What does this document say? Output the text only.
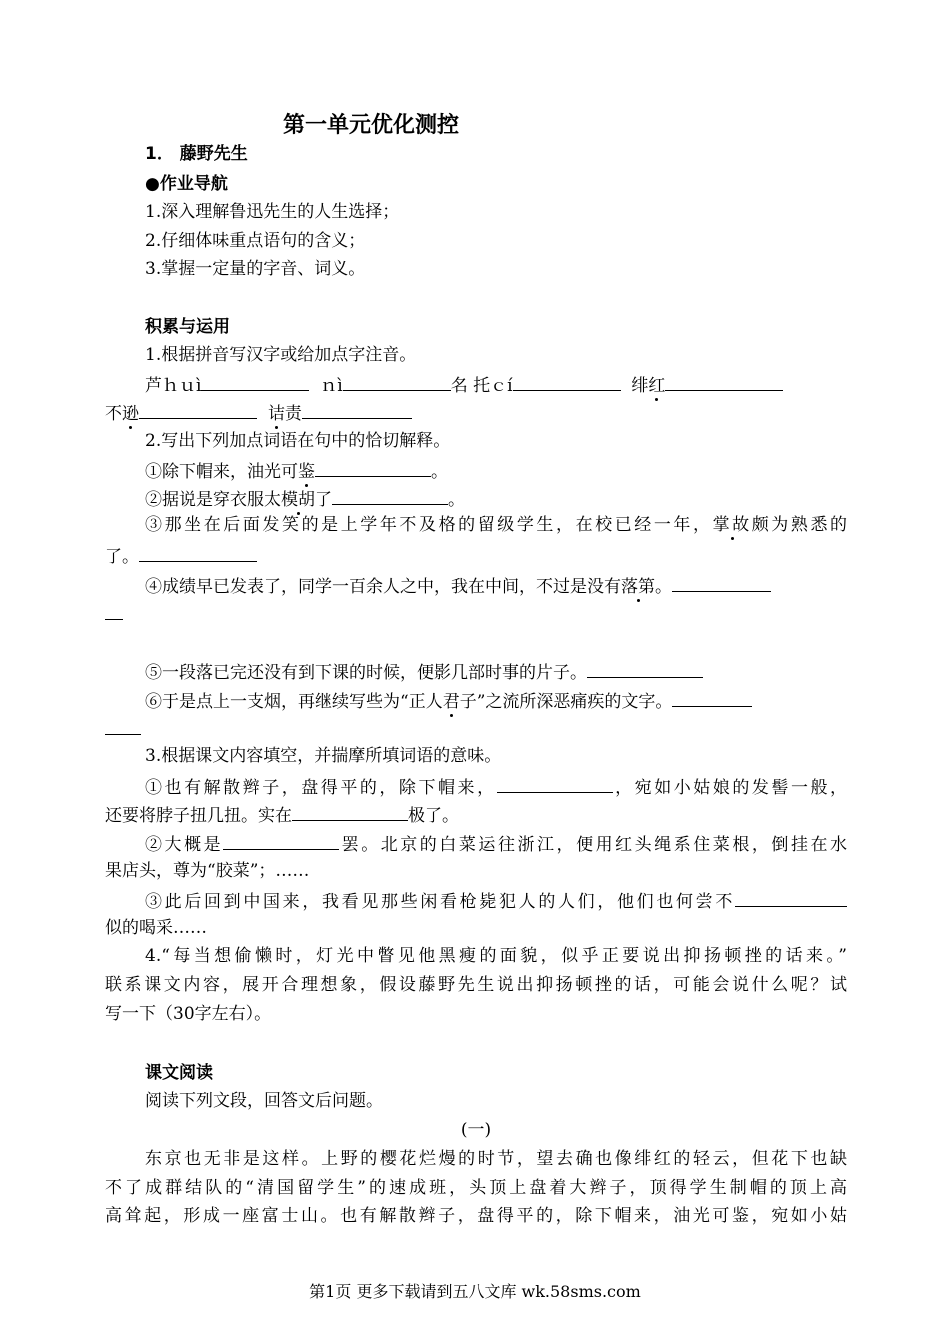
第一单元优化测控
1． 藤野先生
●作业导航
1.深入理解鲁迅先生的人生选择；
2.仔细体味重点语句的含义；
3.掌握一定量的字音、词义。
积累与运用
1.根据拼音写汉字或给加点字注音。
芦ｈｕì	ｎì	名 托ｃí	绯红
不逊	诘责
2.写出下列加点词语在句中的恰切解释。
①除下帽来，油光可鉴	。
②据说是穿衣服太模胡了	。
③那坐在后面发笑的是上学年不及格的留级学生，在校已经一年，掌故颇为熟悉的
了。
④成绩早已发表了，同学一百余人之中，我在中间，不过是没有落第。
⑤一段落已完还没有到下课的时候，便影几部时事的片子。
⑥于是点上一支烟，再继续写些为“正人君子”之流所深恶痛疾的文字。
3.根据课文内容填空，并揣摩所填词语的意味。
①也有解散辫子，盘得平的，除下帽来，	，宛如小姑娘的发髻一般，
还要将脖子扭几扭。实在	极了。
②大概是	罢。北京的白菜运往浙江，便用红头绳系住菜根，倒挂在水
果店头，尊为“胶菜”；……
③此后回到中国来，我看见那些闲看枪毙犯人的人们，他们也何尝不
似的喝采……
4.“每当想偷懒时，灯光中瞥见他黑瘦的面貌，似乎正要说出抑扬顿挫的话来。”
联系课文内容，展开合理想象，假设藤野先生说出抑扬顿挫的话，可能会说什么呢？试
写一下（30字左右）。
课文阅读
阅读下列文段，回答文后问题。
(一)
东京也无非是这样。上野的樱花烂熳的时节，望去确也像绯红的轻云，但花下也缺
不了成群结队的“清国留学生”的速成班，头顶上盘着大辫子，顶得学生制帽的顶上高
高耸起，形成一座富士山。也有解散辫子，盘得平的，除下帽来，油光可鉴，宛如小姑
第1页 更多下载请到五八文库 wk.58sms.com
